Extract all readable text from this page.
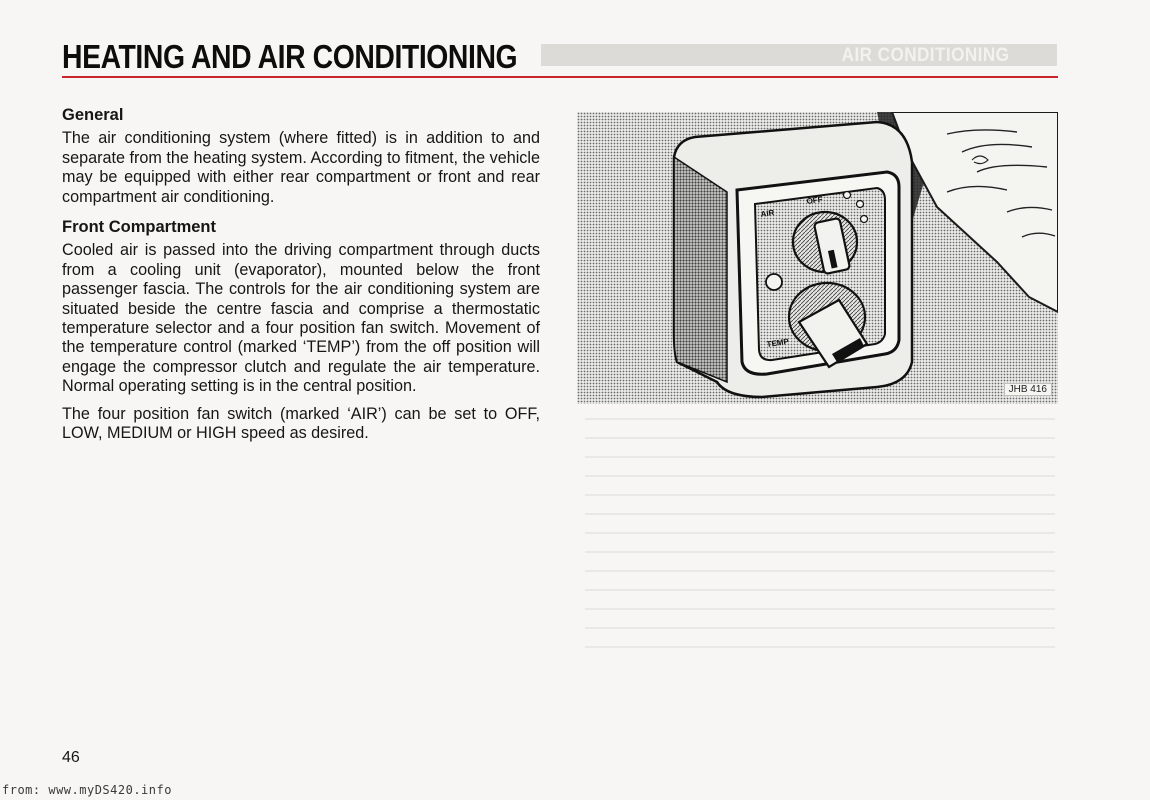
HEATING AND AIR CONDITIONING	AIR CONDITIONING

General

The air conditioning system (where fitted) is in addition to and separate from the heating system. According to fitment, the vehicle may be equipped with either rear compartment or front and rear compartment air conditioning.

Front Compartment

Cooled air is passed into the driving compartment through ducts from a cooling unit (evaporator), mounted below the front passenger fascia. The controls for the air conditioning system are situated beside the centre fascia and comprise a thermostatic temperature selector and a four position fan switch. Movement of the temperature control (marked ‘TEMP’) from the off position will engage the compressor clutch and regulate the air temperature. Normal operating setting is in the central position.

The four position fan switch (marked ‘AIR’) can be set to OFF, LOW, MEDIUM or HIGH speed as desired.

AIR
OFF
TEMP
JHB 416
46
from: www.myDS420.info
